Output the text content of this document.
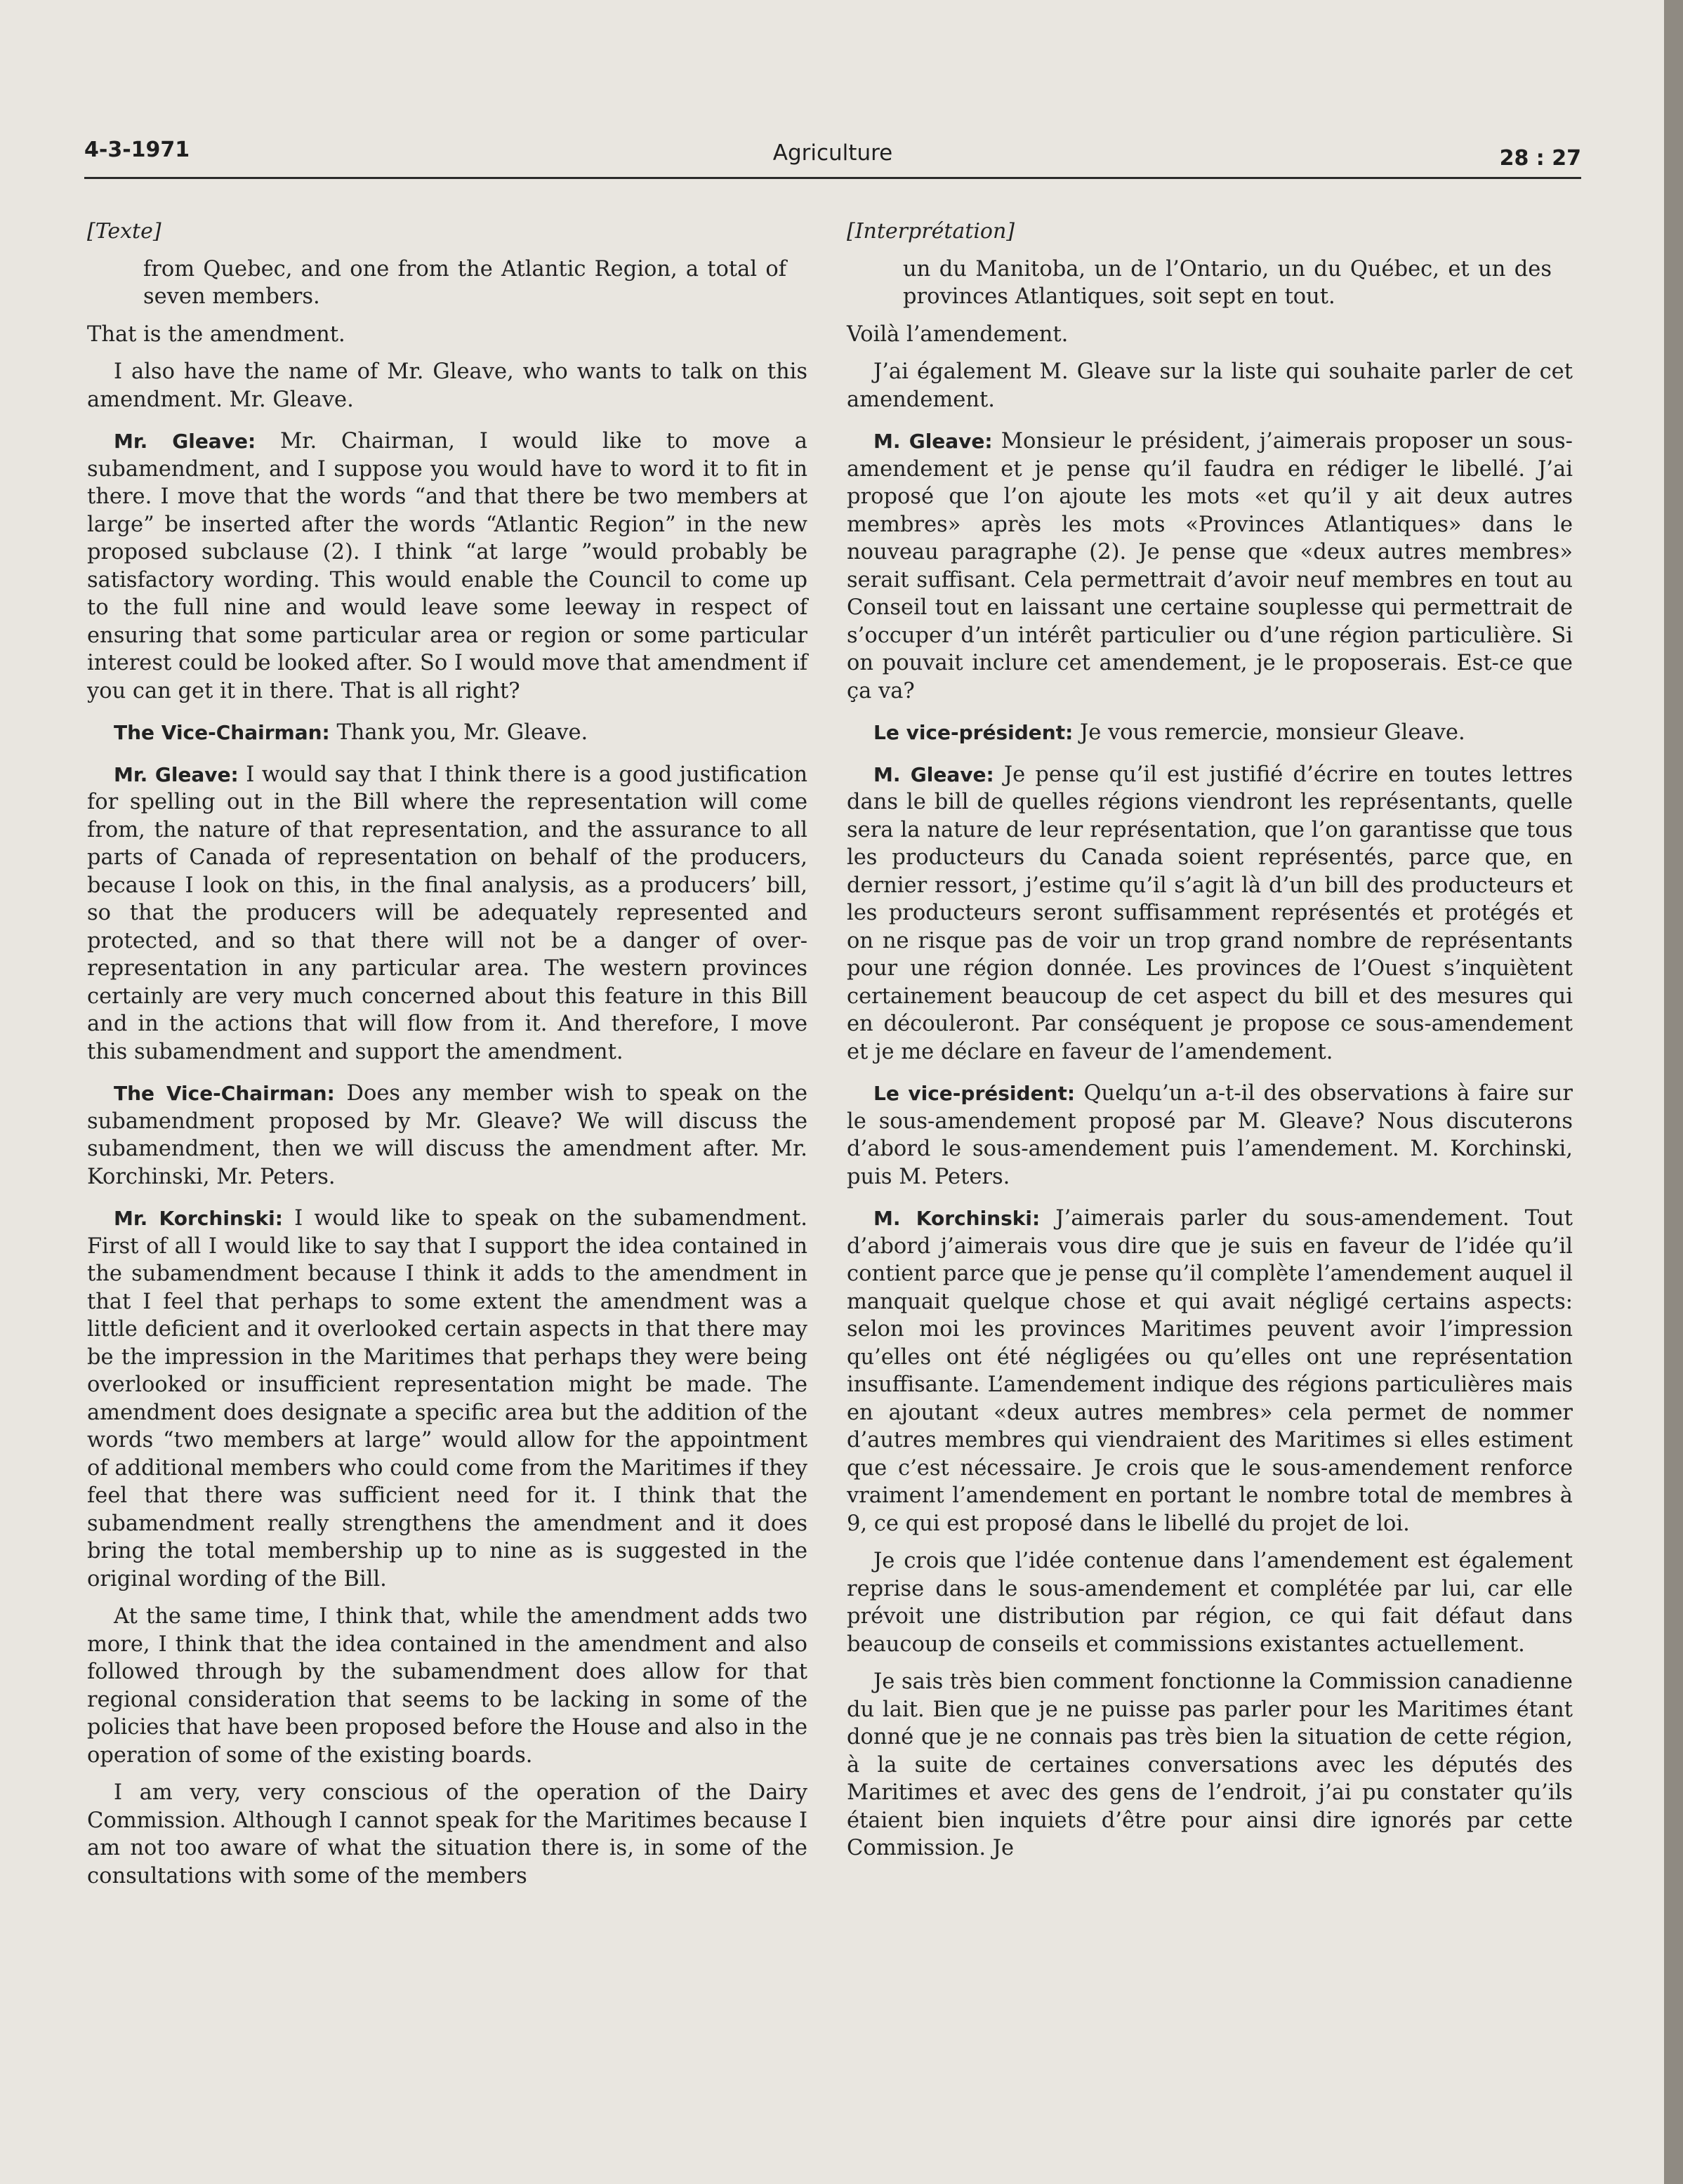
4-3-1971	Agriculture	28 : 27

[Texte]

from Quebec, and one from the Atlantic Region, a total of seven members.

That is the amendment.

I also have the name of Mr. Gleave, who wants to talk on this amendment. Mr. Gleave.

Mr. Gleave: Mr. Chairman, I would like to move a subamendment, and I suppose you would have to word it to fit in there. I move that the words “and that there be two members at large” be inserted after the words “Atlantic Region” in the new proposed subclause (2). I think “at large ”would probably be satisfactory wording. This would enable the Council to come up to the full nine and would leave some leeway in respect of ensuring that some particular area or region or some particular interest could be looked after. So I would move that amendment if you can get it in there. That is all right?

The Vice-Chairman: Thank you, Mr. Gleave.

Mr. Gleave: I would say that I think there is a good justification for spelling out in the Bill where the representation will come from, the nature of that representation, and the assurance to all parts of Canada of representation on behalf of the producers, because I look on this, in the final analysis, as a producers’ bill, so that the producers will be adequately represented and protected, and so that there will not be a danger of overrepresentation in any particular area. The western provinces certainly are very much concerned about this feature in this Bill and in the actions that will flow from it. And therefore, I move this subamendment and support the amendment.

The Vice-Chairman: Does any member wish to speak on the subamendment proposed by Mr. Gleave? We will discuss the subamendment, then we will discuss the amendment after. Mr. Korchinski, Mr. Peters.

Mr. Korchinski: I would like to speak on the subamendment. First of all I would like to say that I support the idea contained in the subamendment because I think it adds to the amendment in that I feel that perhaps to some extent the amendment was a little deficient and it overlooked certain aspects in that there may be the impression in the Maritimes that perhaps they were being overlooked or insufficient representation might be made. The amendment does designate a specific area but the addition of the words “two members at large” would allow for the appointment of additional members who could come from the Maritimes if they feel that there was sufficient need for it. I think that the subamendment really strengthens the amendment and it does bring the total membership up to nine as is suggested in the original wording of the Bill.

At the same time, I think that, while the amendment adds two more, I think that the idea contained in the amendment and also followed through by the subamendment does allow for that regional consideration that seems to be lacking in some of the policies that have been proposed before the House and also in the operation of some of the existing boards.

I am very, very conscious of the operation of the Dairy Commission. Although I cannot speak for the Maritimes because I am not too aware of what the situation there is, in some of the consultations with some of the members

[Interprétation]

un du Manitoba, un de l’Ontario, un du Québec, et un des provinces Atlantiques, soit sept en tout.

Voilà l’amendement.

J’ai également M. Gleave sur la liste qui souhaite parler de cet amendement.

M. Gleave: Monsieur le président, j’aimerais proposer un sous-amendement et je pense qu’il faudra en rédiger le libellé. J’ai proposé que l’on ajoute les mots «et qu’il y ait deux autres membres» après les mots «Provinces Atlantiques» dans le nouveau paragraphe (2). Je pense que «deux autres membres» serait suffisant. Cela permettrait d’avoir neuf membres en tout au Conseil tout en laissant une certaine souplesse qui permettrait de s’occuper d’un intérêt particulier ou d’une région particulière. Si on pouvait inclure cet amendement, je le proposerais. Est-ce que ça va?

Le vice-président: Je vous remercie, monsieur Gleave.

M. Gleave: Je pense qu’il est justifié d’écrire en toutes lettres dans le bill de quelles régions viendront les représentants, quelle sera la nature de leur représentation, que l’on garantisse que tous les producteurs du Canada soient représentés, parce que, en dernier ressort, j’estime qu’il s’agit là d’un bill des producteurs et les producteurs seront suffisamment représentés et protégés et on ne risque pas de voir un trop grand nombre de représentants pour une région donnée. Les provinces de l’Ouest s’inquiètent certainement beaucoup de cet aspect du bill et des mesures qui en découleront. Par conséquent je propose ce sous-amendement et je me déclare en faveur de l’amendement.

Le vice-président: Quelqu’un a-t-il des observations à faire sur le sous-amendement proposé par M. Gleave? Nous discuterons d’abord le sous-amendement puis l’amendement. M. Korchinski, puis M. Peters.

M. Korchinski: J’aimerais parler du sous-amendement. Tout d’abord j’aimerais vous dire que je suis en faveur de l’idée qu’il contient parce que je pense qu’il complète l’amendement auquel il manquait quelque chose et qui avait négligé certains aspects: selon moi les provinces Maritimes peuvent avoir l’impression qu’elles ont été négligées ou qu’elles ont une représentation insuffisante. L’amendement indique des régions particulières mais en ajoutant «deux autres membres» cela permet de nommer d’autres membres qui viendraient des Maritimes si elles estiment que c’est nécessaire. Je crois que le sous-amendement renforce vraiment l’amendement en portant le nombre total de membres à 9, ce qui est proposé dans le libellé du projet de loi.

Je crois que l’idée contenue dans l’amendement est également reprise dans le sous-amendement et complétée par lui, car elle prévoit une distribution par région, ce qui fait défaut dans beaucoup de conseils et commissions existantes actuellement.

Je sais très bien comment fonctionne la Commission canadienne du lait. Bien que je ne puisse pas parler pour les Maritimes étant donné que je ne connais pas très bien la situation de cette région, à la suite de certaines conversations avec les députés des Maritimes et avec des gens de l’endroit, j’ai pu constater qu’ils étaient bien inquiets d’être pour ainsi dire ignorés par cette Commission. Je
